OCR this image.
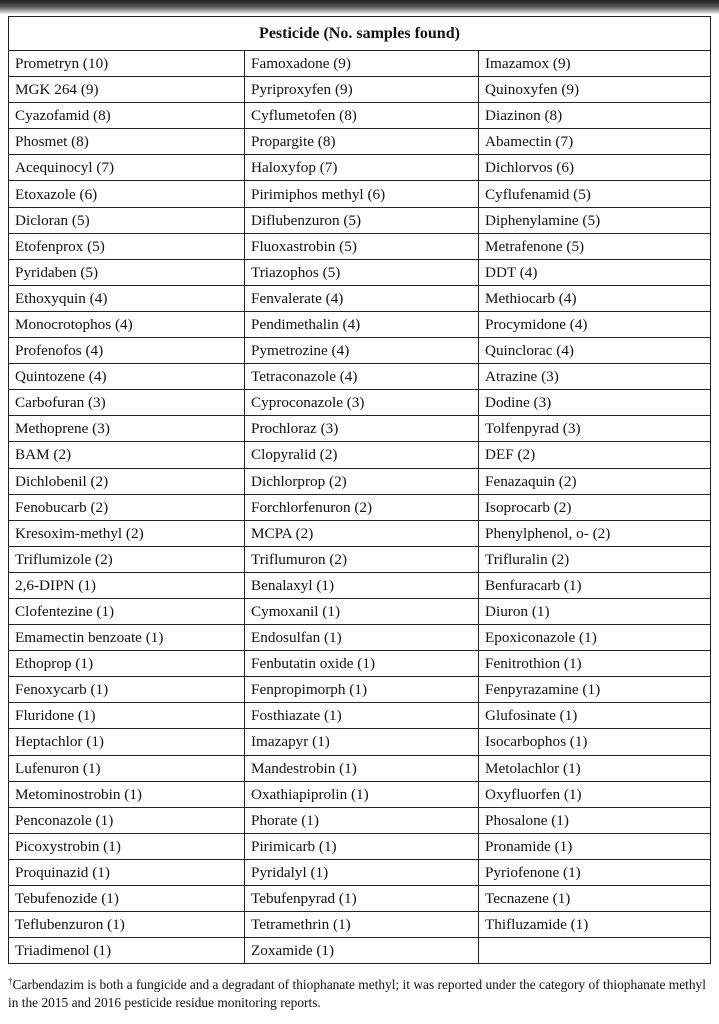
Pesticide (No. samples found)		
Prometryn (10)	Famoxadone (9)	Imazamox (9)
MGK 264 (9)	Pyriproxyfen (9)	Quinoxyfen (9)
Cyazofamid (8)	Cyflumetofen (8)	Diazinon (8)
Phosmet (8)	Propargite (8)	Abamectin (7)
Acequinocyl (7)	Haloxyfop (7)	Dichlorvos (6)
Etoxazole (6)	Pirimiphos methyl (6)	Cyflufenamid (5)
Dicloran (5)	Diflubenzuron (5)	Diphenylamine (5)
Etofenprox (5)	Fluoxastrobin (5)	Metrafenone (5)
Pyridaben (5)	Triazophos (5)	DDT (4)
Ethoxyquin (4)	Fenvalerate (4)	Methiocarb (4)
Monocrotophos (4)	Pendimethalin (4)	Procymidone (4)
Profenofos (4)	Pymetrozine (4)	Quinclorac (4)
Quintozene (4)	Tetraconazole (4)	Atrazine (3)
Carbofuran (3)	Cyproconazole (3)	Dodine (3)
Methoprene (3)	Prochloraz (3)	Tolfenpyrad (3)
BAM (2)	Clopyralid (2)	DEF (2)
Dichlobenil (2)	Dichlorprop (2)	Fenazaquin (2)
Fenobucarb (2)	Forchlorfenuron (2)	Isoprocarb (2)
Kresoxim-methyl (2)	MCPA (2)	Phenylphenol, o- (2)
Triflumizole (2)	Triflumuron (2)	Trifluralin (2)
2,6-DIPN (1)	Benalaxyl (1)	Benfuracarb (1)
Clofentezine (1)	Cymoxanil (1)	Diuron (1)
Emamectin benzoate (1)	Endosulfan (1)	Epoxiconazole (1)
Ethoprop (1)	Fenbutatin oxide (1)	Fenitrothion (1)
Fenoxycarb (1)	Fenpropimorph (1)	Fenpyrazamine (1)
Fluridone (1)	Fosthiazate (1)	Glufosinate (1)
Heptachlor (1)	Imazapyr (1)	Isocarbophos (1)
Lufenuron (1)	Mandestrobin (1)	Metolachlor (1)
Metominostrobin (1)	Oxathiapiprolin (1)	Oxyfluorfen (1)
Penconazole (1)	Phorate (1)	Phosalone (1)
Picoxystrobin (1)	Pirimicarb (1)	Pronamide (1)
Proquinazid (1)	Pyridalyl (1)	Pyriofenone (1)
Tebufenozide (1)	Tebufenpyrad (1)	Tecnazene (1)
Teflubenzuron (1)	Tetramethrin (1)	Thifluzamide (1)
Triadimenol (1)	Zoxamide (1)	
†Carbendazim is both a fungicide and a degradant of thiophanate methyl; it was reported under the category of thiophanate methyl in the 2015 and 2016 pesticide residue monitoring reports.
